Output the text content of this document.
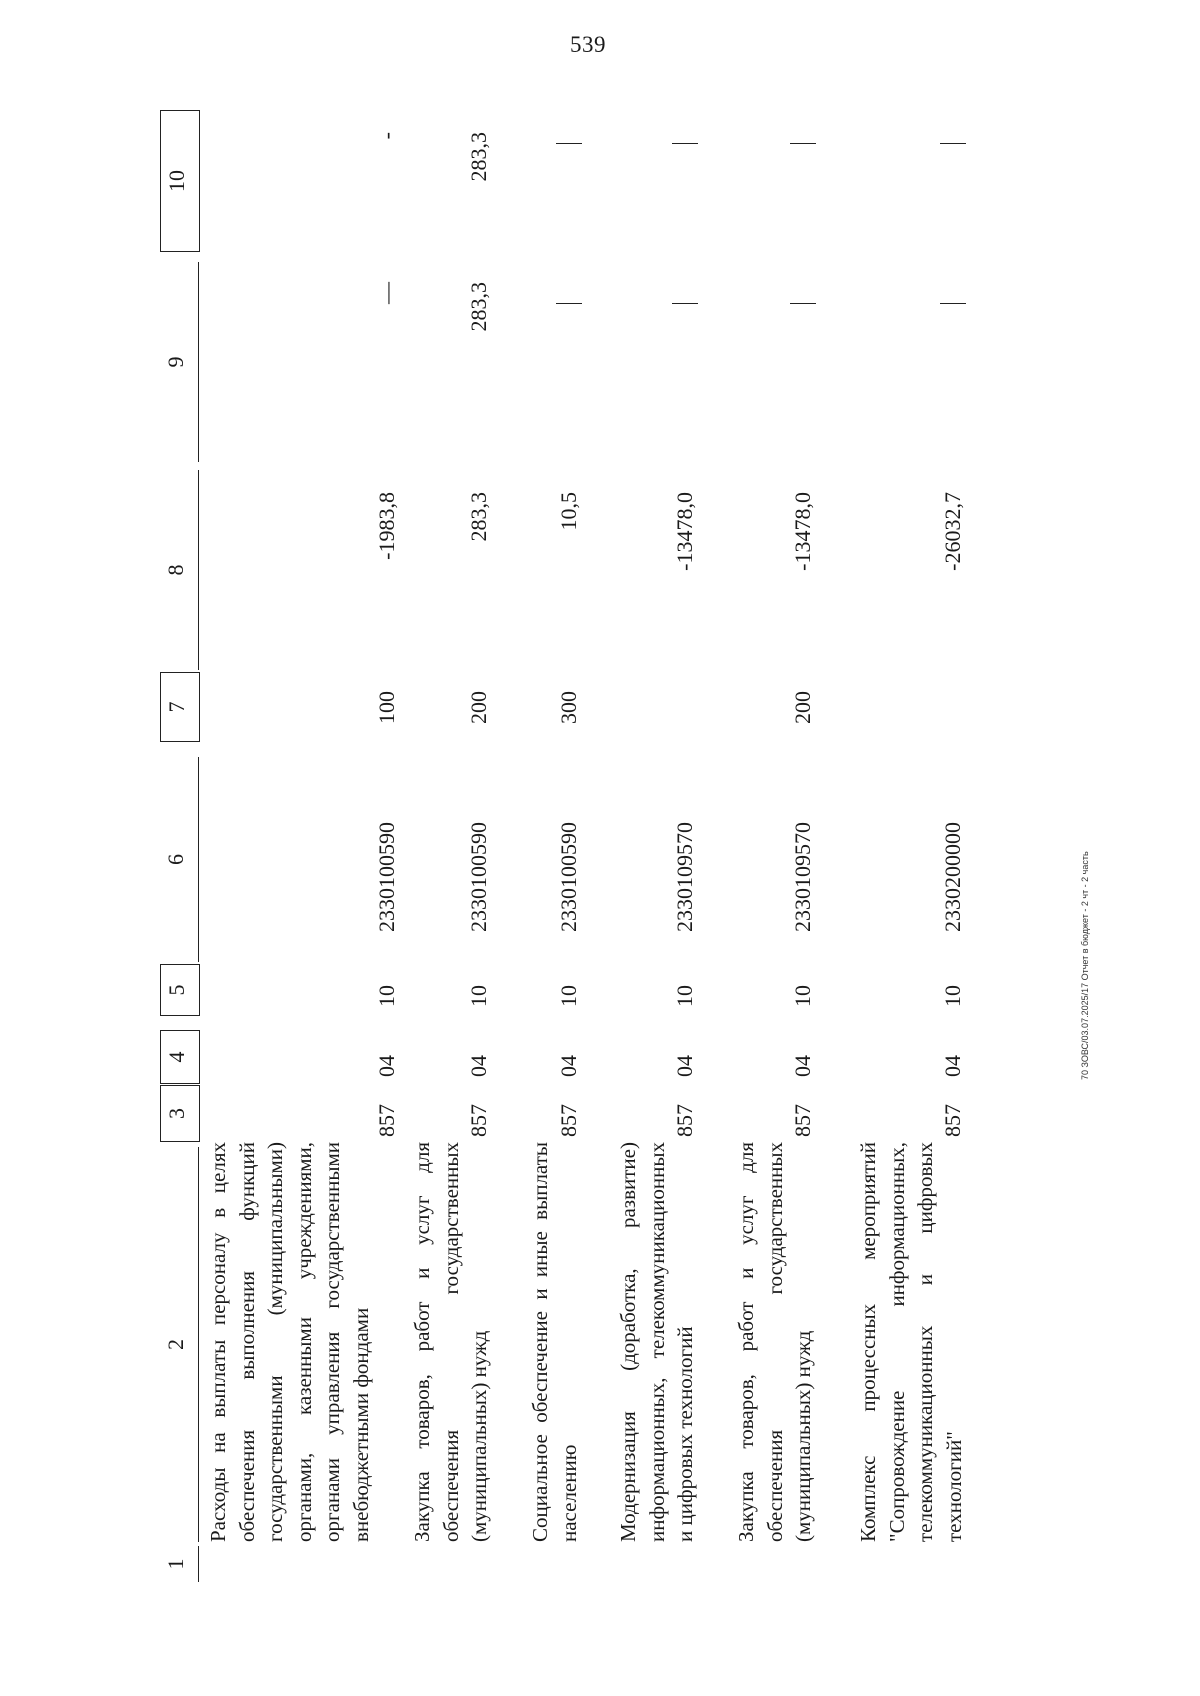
539
70 ЗОВС/03.07.2025/17 Отчет в бюджет - 2 чт - 2 часть
1
2
3
4
5
6
7
8
9
10
Расходы на выплаты персоналу в целях обеспечения выполнения функций государственными (муниципальными) органами, казенными учреждениями, органами управления государственными внебюджетными фондами
857
04
10
2330100590
100
-1983,8
—
-
Закупка товаров, работ и услуг для обеспечения государственных (муниципальных) нужд
857
04
10
2330100590
200
283,3
283,3
283,3
Социальное обеспечение и иные выплаты населению
857
04
10
2330100590
300
10,5
Модернизация (доработка, развитие) информационных, телекоммуникационных и цифровых технологий
857
04
10
2330109570
-13478,0
Закупка товаров, работ и услуг для обеспечения государственных (муниципальных) нужд
857
04
10
2330109570
200
-13478,0
Комплекс процессных мероприятий "Сопровождение информационных, телекоммуникационных и цифровых технологий"
857
04
10
2330200000
-26032,7
